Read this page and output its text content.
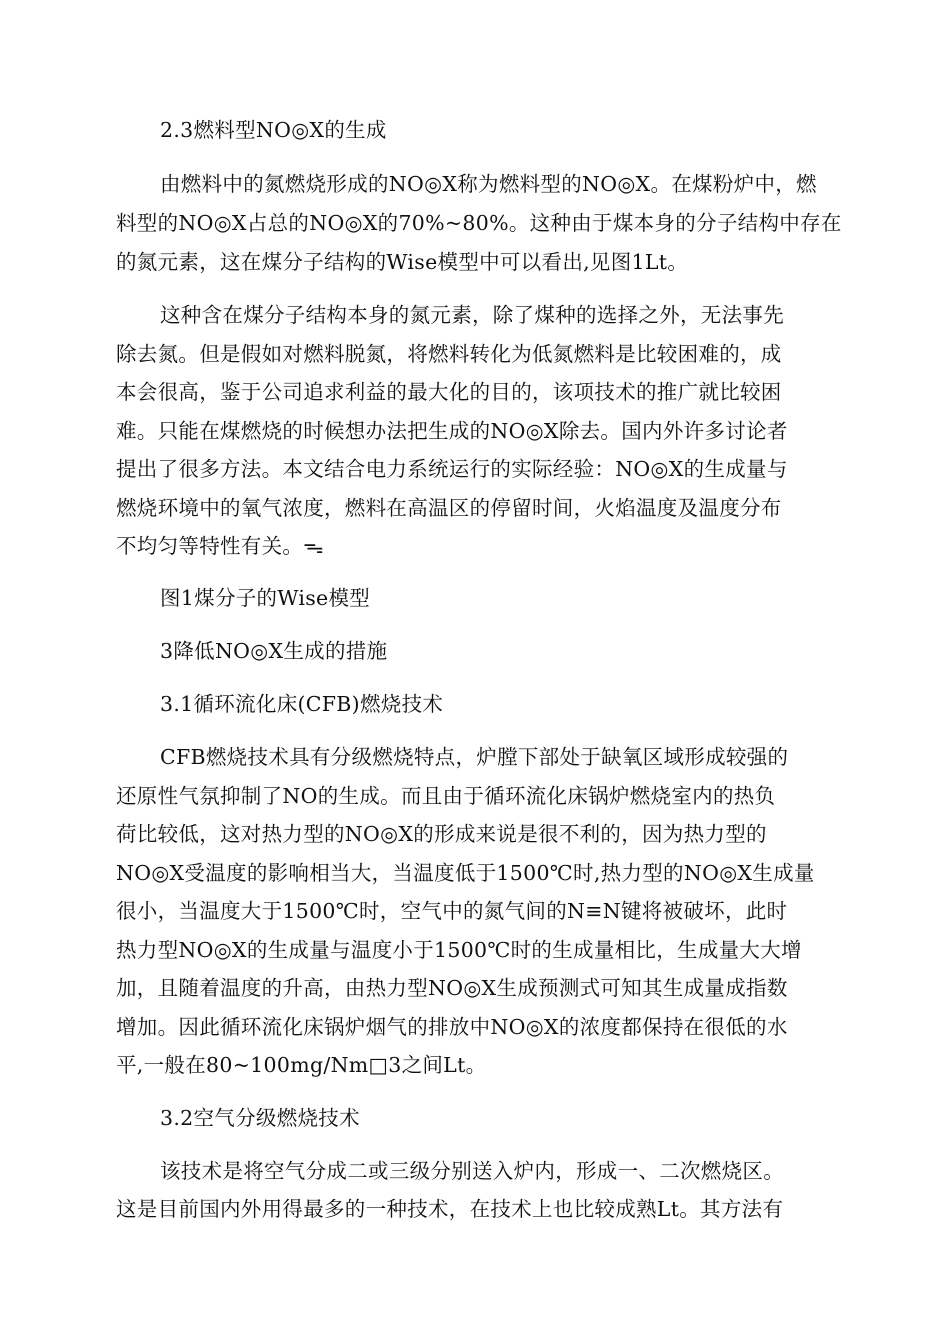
2.3燃料型NO◎X的生成
由燃料中的氮燃烧形成的NO◎X称为燃料型的NO◎X。在煤粉炉中，燃
料型的NO◎X占总的NO◎X的70%~80%。这种由于煤本身的分子结构中存在
的氮元素，这在煤分子结构的Wise模型中可以看出,见图1Lt。
这种含在煤分子结构本身的氮元素，除了煤种的选择之外，无法事先
除去氮。但是假如对燃料脱氮，将燃料转化为低氮燃料是比较困难的，成
本会很高，鉴于公司追求利益的最大化的目的，该项技术的推广就比较困
难。只能在煤燃烧的时候想办法把生成的NO◎X除去。国内外许多讨论者
提出了很多方法。本文结合电力系统运行的实际经验：NO◎X的生成量与
燃烧环境中的氧气浓度，燃料在高温区的停留时间，火焰温度及温度分布
不均匀等特性有关。ᯓ
图1煤分子的Wise模型
3降低NO◎X生成的措施
3.1循环流化床(CFB)燃烧技术
CFB燃烧技术具有分级燃烧特点，炉膛下部处于缺氧区域形成较强的
还原性气氛抑制了NO的生成。而且由于循环流化床锅炉燃烧室内的热负
荷比较低，这对热力型的NO◎X的形成来说是很不利的，因为热力型的
NO◎X受温度的影响相当大，当温度低于1500℃时,热力型的NO◎X生成量
很小，当温度大于1500℃时，空气中的氮气间的N≡N键将被破坏，此时
热力型NO◎X的生成量与温度小于1500℃时的生成量相比，生成量大大增
加，且随着温度的升高，由热力型NO◎X生成预测式可知其生成量成指数
增加。因此循环流化床锅炉烟气的排放中NO◎X的浓度都保持在很低的水
平,一般在80~100mg/Nm□3之间Lt。
3.2空气分级燃烧技术
该技术是将空气分成二或三级分别送入炉内，形成一、二次燃烧区。
这是目前国内外用得最多的一种技术，在技术上也比较成熟Lt。其方法有
